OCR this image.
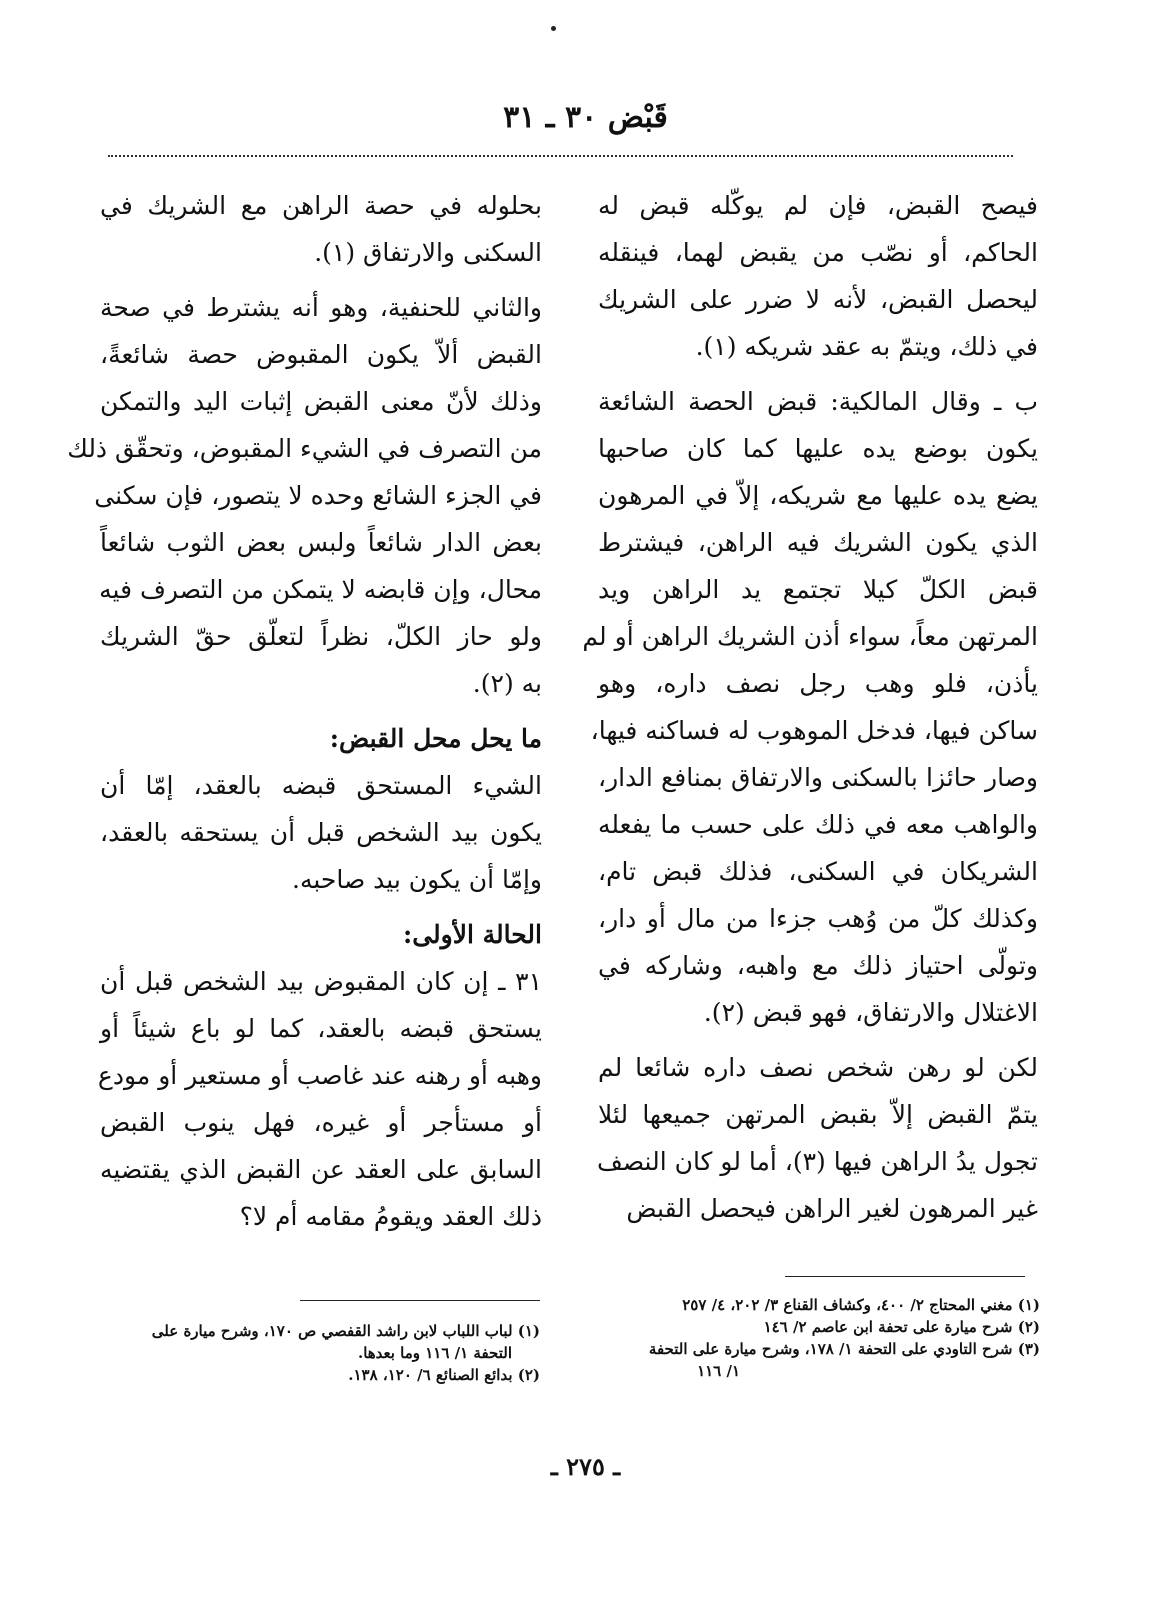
قَبْض ٣٠ ـ ٣١
فيصح القبض، فإن لم يوكّله قبض له
الحاكم، أو نصّب من يقبض لهما، فينقله
ليحصل القبض، لأنه لا ضرر على الشريك
في ذلك، ويتمّ به عقد شريكه (١).
ب ـ وقال المالكية: قبض الحصة الشائعة
يكون بوضع يده عليها كما كان صاحبها
يضع يده عليها مع شريكه، إلاّ في المرهون
الذي يكون الشريك فيه الراهن، فيشترط
قبض الكلّ كيلا تجتمع يد الراهن ويد
المرتهن معاً، سواء أذن الشريك الراهن أو لم
يأذن، فلو وهب رجل نصف داره، وهو
ساكن فيها، فدخل الموهوب له فساكنه فيها،
وصار حائزا بالسكنى والارتفاق بمنافع الدار،
والواهب معه في ذلك على حسب ما يفعله
الشريكان في السكنى، فذلك قبض تام،
وكذلك كلّ من وُهب جزءا من مال أو دار،
وتولّى احتياز ذلك مع واهبه، وشاركه في
الاغتلال والارتفاق، فهو قبض (٢).
لكن لو رهن شخص نصف داره شائعا لم
يتمّ القبض إلاّ بقبض المرتهن جميعها لئلا
تجول يدُ الراهن فيها (٣)، أما لو كان النصف
غير المرهون لغير الراهن فيحصل القبض
بحلوله في حصة الراهن مع الشريك في
السكنى والارتفاق (١).
والثاني للحنفية، وهو أنه يشترط في صحة
القبض ألاّ يكون المقبوض حصة شائعةً،
وذلك لأنّ معنى القبض إثبات اليد والتمكن
من التصرف في الشيء المقبوض، وتحقّق ذلك
في الجزء الشائع وحده لا يتصور، فإن سكنى
بعض الدار شائعاً ولبس بعض الثوب شائعاً
محال، وإن قابضه لا يتمكن من التصرف فيه
ولو حاز الكلّ، نظراً لتعلّق حقّ الشريك
به (٢).
ما يحل محل القبض:
الشيء المستحق قبضه بالعقد، إمّا أن
يكون بيد الشخص قبل أن يستحقه بالعقد،
وإمّا أن يكون بيد صاحبه.
الحالة الأولى:
٣١ ـ إن كان المقبوض بيد الشخص قبل أن
يستحق قبضه بالعقد، كما لو باع شيئاً أو
وهبه أو رهنه عند غاصب أو مستعير أو مودع
أو مستأجر أو غيره، فهل ينوب القبض
السابق على العقد عن القبض الذي يقتضيه
ذلك العقد ويقومُ مقامه أم لا؟
(١) مغني المحتاج ٢/ ٤٠٠، وكشاف القناع ٣/ ٢٠٢، ٤/ ٢٥٧
(٢) شرح ميارة على تحفة ابن عاصم ٢/ ١٤٦
(٣) شرح التاودي على التحفة ١/ ١٧٨، وشرح ميارة على التحفة
١/ ١١٦
(١) لباب اللباب لابن راشد القفصي ص ١٧٠، وشرح ميارة على
التحفة ١/ ١١٦ وما بعدها.
(٢) بدائع الصنائع ٦/ ١٢٠، ١٣٨.
ـ ٢٧٥ ـ
